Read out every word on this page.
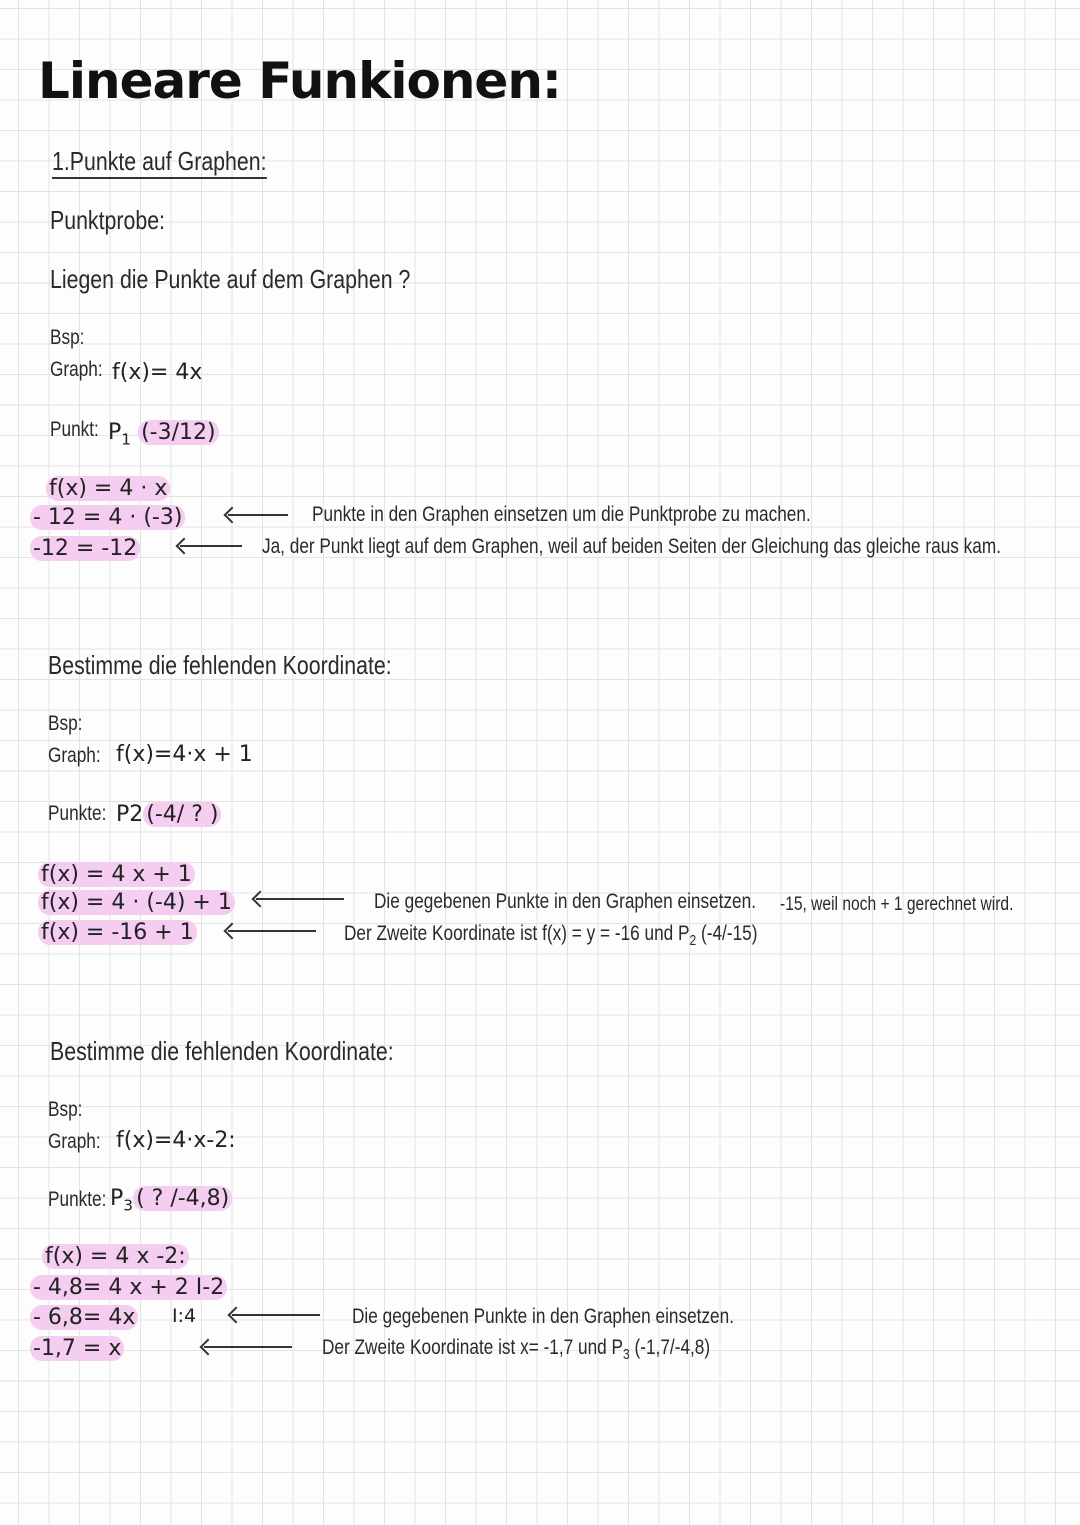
Lineare Funkionen:
1.Punkte auf Graphen:
Punktprobe:
Liegen die Punkte auf dem Graphen ?
Bsp:
Graph: f(x)= 4x
Punkt: $P_1$ (-3/12)
f(x) = 4 · x
- 12 = 4 · (-3)
-12 = -12
Punkte in den Graphen einsetzen um die Punktprobe zu machen.
Ja, der Punkt liegt auf dem Graphen, weil auf beiden Seiten der Gleichung das gleiche raus kam.
Bestimme die fehlenden Koordinate:
Bsp:
Graph: f(x)=4·x + 1
Punkte: P2 (-4/ ? )
f(x) = 4 x + 1
f(x) = 4 · (-4) + 1
f(x) = -16 + 1
Die gegebenen Punkte in den Graphen einsetzen.
Der Zweite Koordinate ist f(x) = y = -16 und $P_2$ (-4/-15)
-15, weil noch + 1 gerechnet wird.
Bestimme die fehlenden Koordinate:
Bsp:
Graph: f(x)=4·x-2:
Punkte: $P_3$ ( ? /-4,8)
f(x) = 4 x -2:
- 4,8= 4 x + 2 I-2
- 6,8= 4x I:4
-1,7 = x
Die gegebenen Punkte in den Graphen einsetzen.
Der Zweite Koordinate ist x= -1,7 und $P_3$ (-1,7/-4,8)
